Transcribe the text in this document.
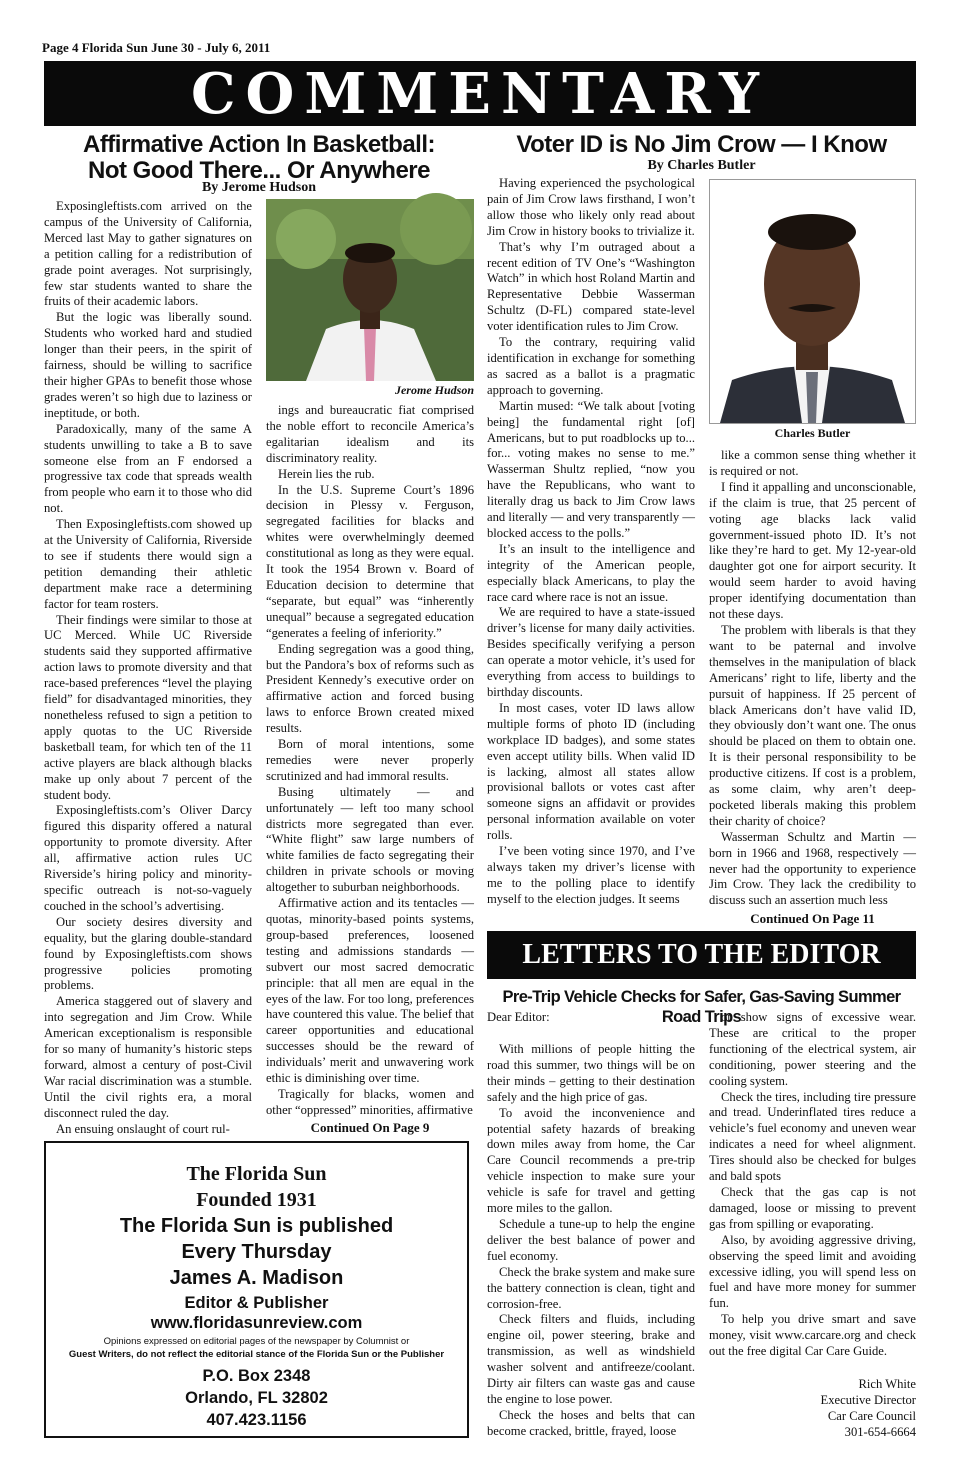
Page 4 Florida Sun June 30 - July 6, 2011
COMMENTARY
Affirmative Action In Basketball:
Not Good There... Or Anywhere
By Jerome Hudson

Exposingleftists.com arrived on the campus of the University of California, Merced last May to gather signatures on a petition calling for a redistribution of grade point averages. Not surprisingly, few star students wanted to share the fruits of their academic labors.

But the logic was liberally sound. Students who worked hard and studied longer than their peers, in the spirit of fairness, should be willing to sacrifice their higher GPAs to benefit those whose grades weren’t so high due to laziness or ineptitude, or both.

Paradoxically, many of the same A students unwilling to take a B to save someone else from an F endorsed a progressive tax code that spreads wealth from people who earn it to those who did not.

Then Exposingleftists.com showed up at the University of California, Riverside to see if students there would sign a petition demanding their athletic department make race a determining factor for team rosters.

Their findings were similar to those at UC Merced. While UC Riverside students said they supported affirmative action laws to promote diversity and that race-based preferences “level the playing field” for disadvantaged minorities, they nonetheless refused to sign a petition to apply quotas to the UC Riverside basketball team, for which ten of the 11 active players are black although blacks make up only about 7 percent of the student body.

Exposingleftists.com’s Oliver Darcy figured this disparity offered a natural opportunity to promote diversity. After all, affirmative action rules UC Riverside’s hiring policy and minority-specific outreach is not-so-vaguely couched in the school’s advertising.

Our society desires diversity and equality, but the glaring double-standard found by Exposingleftists.com shows progressive policies promoting problems.

America staggered out of slavery and into segregation and Jim Crow. While American exceptionalism is responsible for so many of humanity’s historic steps forward, almost a century of post-Civil War racial discrimination was a stumble. Until the civil rights era, a moral disconnect ruled the day.

An ensuing onslaught of court rul-

Jerome Hudson

ings and bureaucratic fiat comprised the noble effort to reconcile America’s egalitarian idealism and its discriminatory reality.

Herein lies the rub.

In the U.S. Supreme Court’s 1896 decision in Plessy v. Ferguson, segregated facilities for blacks and whites were overwhelmingly deemed constitutional as long as they were equal. It took the 1954 Brown v. Board of Education decision to determine that “separate, but equal” was “inherently unequal” because a segregated education “generates a feeling of inferiority.”

Ending segregation was a good thing, but the Pandora’s box of reforms such as President Kennedy’s executive order on affirmative action and forced busing laws to enforce Brown created mixed results.

Born of moral intentions, some remedies were never properly scrutinized and had immoral results.

Busing ultimately — and unfortunately — left too many school districts more segregated than ever. “White flight” saw large numbers of white families de facto segregating their children in private schools or moving altogether to suburban neighborhoods.

Affirmative action and its tentacles — quotas, minority-based points systems, group-based preferences, loosened testing and admissions standards — subvert our most sacred democratic principle: that all men are equal in the eyes of the law. For too long, preferences have countered this value. The belief that career opportunities and educational successes should be the reward of individuals’ merit and unwavering work ethic is diminishing over time.

Tragically for blacks, women and other “oppressed” minorities, affirmative

Continued On Page 9
Voter ID is No Jim Crow — I Know
By Charles Butler

Having experienced the psychological pain of Jim Crow laws firsthand, I won’t allow those who likely only read about Jim Crow in history books to trivialize it.

That’s why I’m outraged about a recent edition of TV One’s “Washington Watch” in which host Roland Martin and Representative Debbie Wasserman Schultz (D-FL) compared state-level voter identification rules to Jim Crow.

To the contrary, requiring valid identification in exchange for something as sacred as a ballot is a pragmatic approach to governing.

Martin mused: “We talk about [voting being] the fundamental right [of] Americans, but to put roadblocks up to... for... voting makes no sense to me.” Wasserman Shultz replied, “now you have the Republicans, who want to literally drag us back to Jim Crow laws and literally — and very transparently — blocked access to the polls.”

It’s an insult to the intelligence and integrity of the American people, especially black Americans, to play the race card where race is not an issue.

We are required to have a state-issued driver’s license for many daily activities. Besides specifically verifying a person can operate a motor vehicle, it’s used for everything from access to buildings to birthday discounts.

In most cases, voter ID laws allow multiple forms of photo ID (including workplace ID badges), and some states even accept utility bills. When valid ID is lacking, almost all states allow provisional ballots or votes cast after someone signs an affidavit or provides personal information available on voter rolls.

I’ve been voting since 1970, and I’ve always taken my driver’s license with me to the polling place to identify myself to the election judges. It seems

Charles Butler

like a common sense thing whether it is required or not.

I find it appalling and unconscionable, if the claim is true, that 25 percent of voting age blacks lack valid government-issued photo ID. It’s not like they’re hard to get. My 12-year-old daughter got one for airport security. It would seem harder to avoid having proper identifying documentation than not these days.

The problem with liberals is that they want to be paternal and involve themselves in the manipulation of black Americans’ right to life, liberty and the pursuit of happiness. If 25 percent of black Americans don’t have valid ID, they obviously don’t want one. The onus should be placed on them to obtain one. It is their personal responsibility to be productive citizens. If cost is a problem, as some claim, why aren’t deep-pocketed liberals making this problem their charity of choice?

Wasserman Schultz and Martin — born in 1966 and 1968, respectively — never had the opportunity to experience Jim Crow. They lack the credibility to discuss such an assertion much less

Continued On Page 11
LETTERS TO THE EDITOR
Pre-Trip Vehicle Checks for Safer, Gas-Saving Summer Road Trips
Dear Editor:

With millions of people hitting the road this summer, two things will be on their minds – getting to their destination safely and the high price of gas.

To avoid the inconvenience and potential safety hazards of breaking down miles away from home, the Car Care Council recommends a pre-trip vehicle inspection to make sure your vehicle is safe for travel and getting more miles to the gallon.

Schedule a tune-up to help the engine deliver the best balance of power and fuel economy.

Check the brake system and make sure the battery connection is clean, tight and corrosion-free.

Check filters and fluids, including engine oil, power steering, brake and transmission, as well as windshield washer solvent and antifreeze/coolant. Dirty air filters can waste gas and cause the engine to lose power.

Check the hoses and belts that can become cracked, brittle, frayed, loose

or show signs of excessive wear. These are critical to the proper functioning of the electrical system, air conditioning, power steering and the cooling system.

Check the tires, including tire pressure and tread. Underinflated tires reduce a vehicle’s fuel economy and uneven wear indicates a need for wheel alignment. Tires should also be checked for bulges and bald spots

Check that the gas cap is not damaged, loose or missing to prevent gas from spilling or evaporating.

Also, by avoiding aggressive driving, observing the speed limit and avoiding excessive idling, you will spend less on fuel and have more money for summer fun.

To help you drive smart and save money, visit www.carcare.org and check out the free digital Car Care Guide.

Rich White
Executive Director
Car Care Council
301-654-6664
The Florida Sun
Founded 1931
The Florida Sun is published
Every Thursday
James A. Madison
Editor & Publisher
www.floridasunreview.com
Opinions expressed on editorial pages of the newspaper by Columnist or
Guest Writers, do not reflect the editorial stance of the Florida Sun or the Publisher
P.O. Box 2348
Orlando, FL 32802
407.423.1156
